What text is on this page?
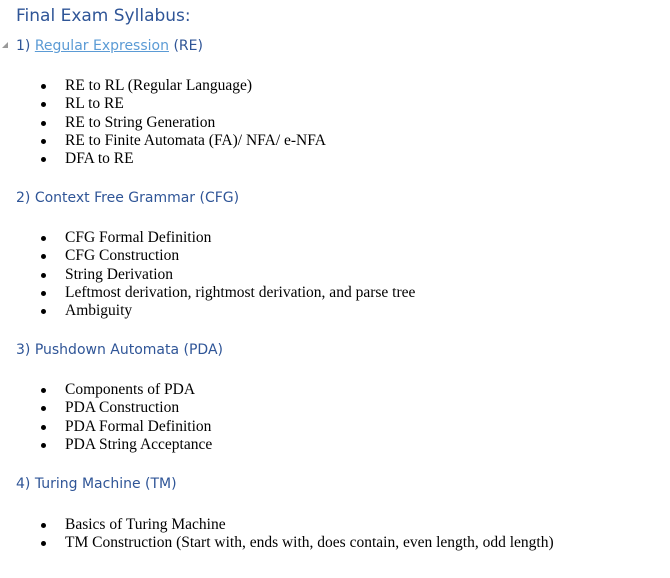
Final Exam Syllabus:
1) Regular Expression (RE)
RE to RL (Regular Language)
RL to RE
RE to String Generation
RE to Finite Automata (FA)/ NFA/ e-NFA
DFA to RE
2) Context Free Grammar (CFG)
CFG Formal Definition
CFG Construction
String Derivation
Leftmost derivation, rightmost derivation, and parse tree
Ambiguity
3) Pushdown Automata (PDA)
Components of PDA
PDA Construction
PDA Formal Definition
PDA String Acceptance
4) Turing Machine (TM)
Basics of Turing Machine
TM Construction (Start with, ends with, does contain, even length, odd length)
